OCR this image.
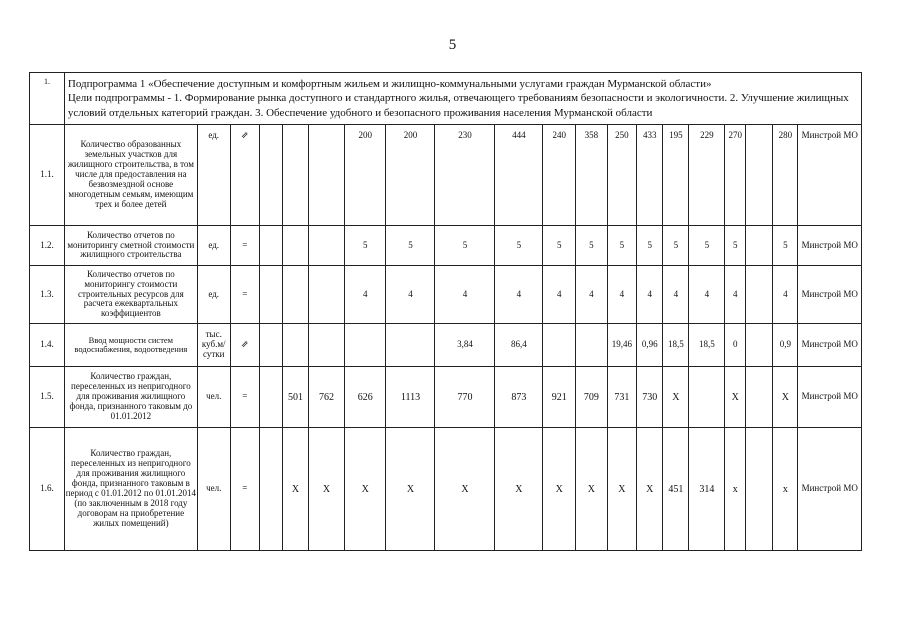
5
1.	Подпрограмма 1 «Обеспечение доступным и комфортным жильем и жилищно-коммунальными услугами граждан Мурманской области»
Цели подпрограммы - 1. Формирование рынка доступного и стандартного жилья, отвечающего требованиям безопасности и экологичности. 2. Улучшение жилищных условий отдельных категорий граждан. 3. Обеспечение удобного и безопасного проживания населения Мурманской области																			

1.1.	Количество образованных земельных участков для жилищного строительства, в том числе для предоставления на безвозмездной основе многодетным семьям, имеющим трех и более детей	ед.	⇗				200	200	230	444	240	358	250	433	195	229	270		280	Минстрой МО
1.2.	Количество отчетов по мониторингу сметной стоимости жилищного строительства	ед.	=				5	5	5	5	5	5	5	5	5	5	5		5	Минстрой МО
1.3.	Количество отчетов по мониторингу стоимости строительных ресурсов для расчета ежеквартальных коэффициентов	ед.	=				4	4	4	4	4	4	4	4	4	4	4		4	Минстрой МО
1.4.	Ввод мощности систем водоснабжения, водоотведения	тыс. куб.м/ сутки	⇗						3,84	86,4			19,46	0,96	18,5	18,5	0		0,9	Минстрой МО
1.5.	Количество граждан, переселенных из непригодного для проживания жилищного фонда, признанного таковым до 01.01.2012	чел.	=		501	762	626	1113	770	873	921	709	731	730	X		X		X	Минстрой МО
1.6.	Количество граждан, переселенных из непригодного для проживания жилищного фонда, признанного таковым в период с 01.01.2012 по 01.01.2014 (по заключенным в 2018 году договорам на приобретение жилых помещений)	чел.	=		X	X	X	X	X	X	X	X	X	X	451	314	x		x	Минстрой МО
